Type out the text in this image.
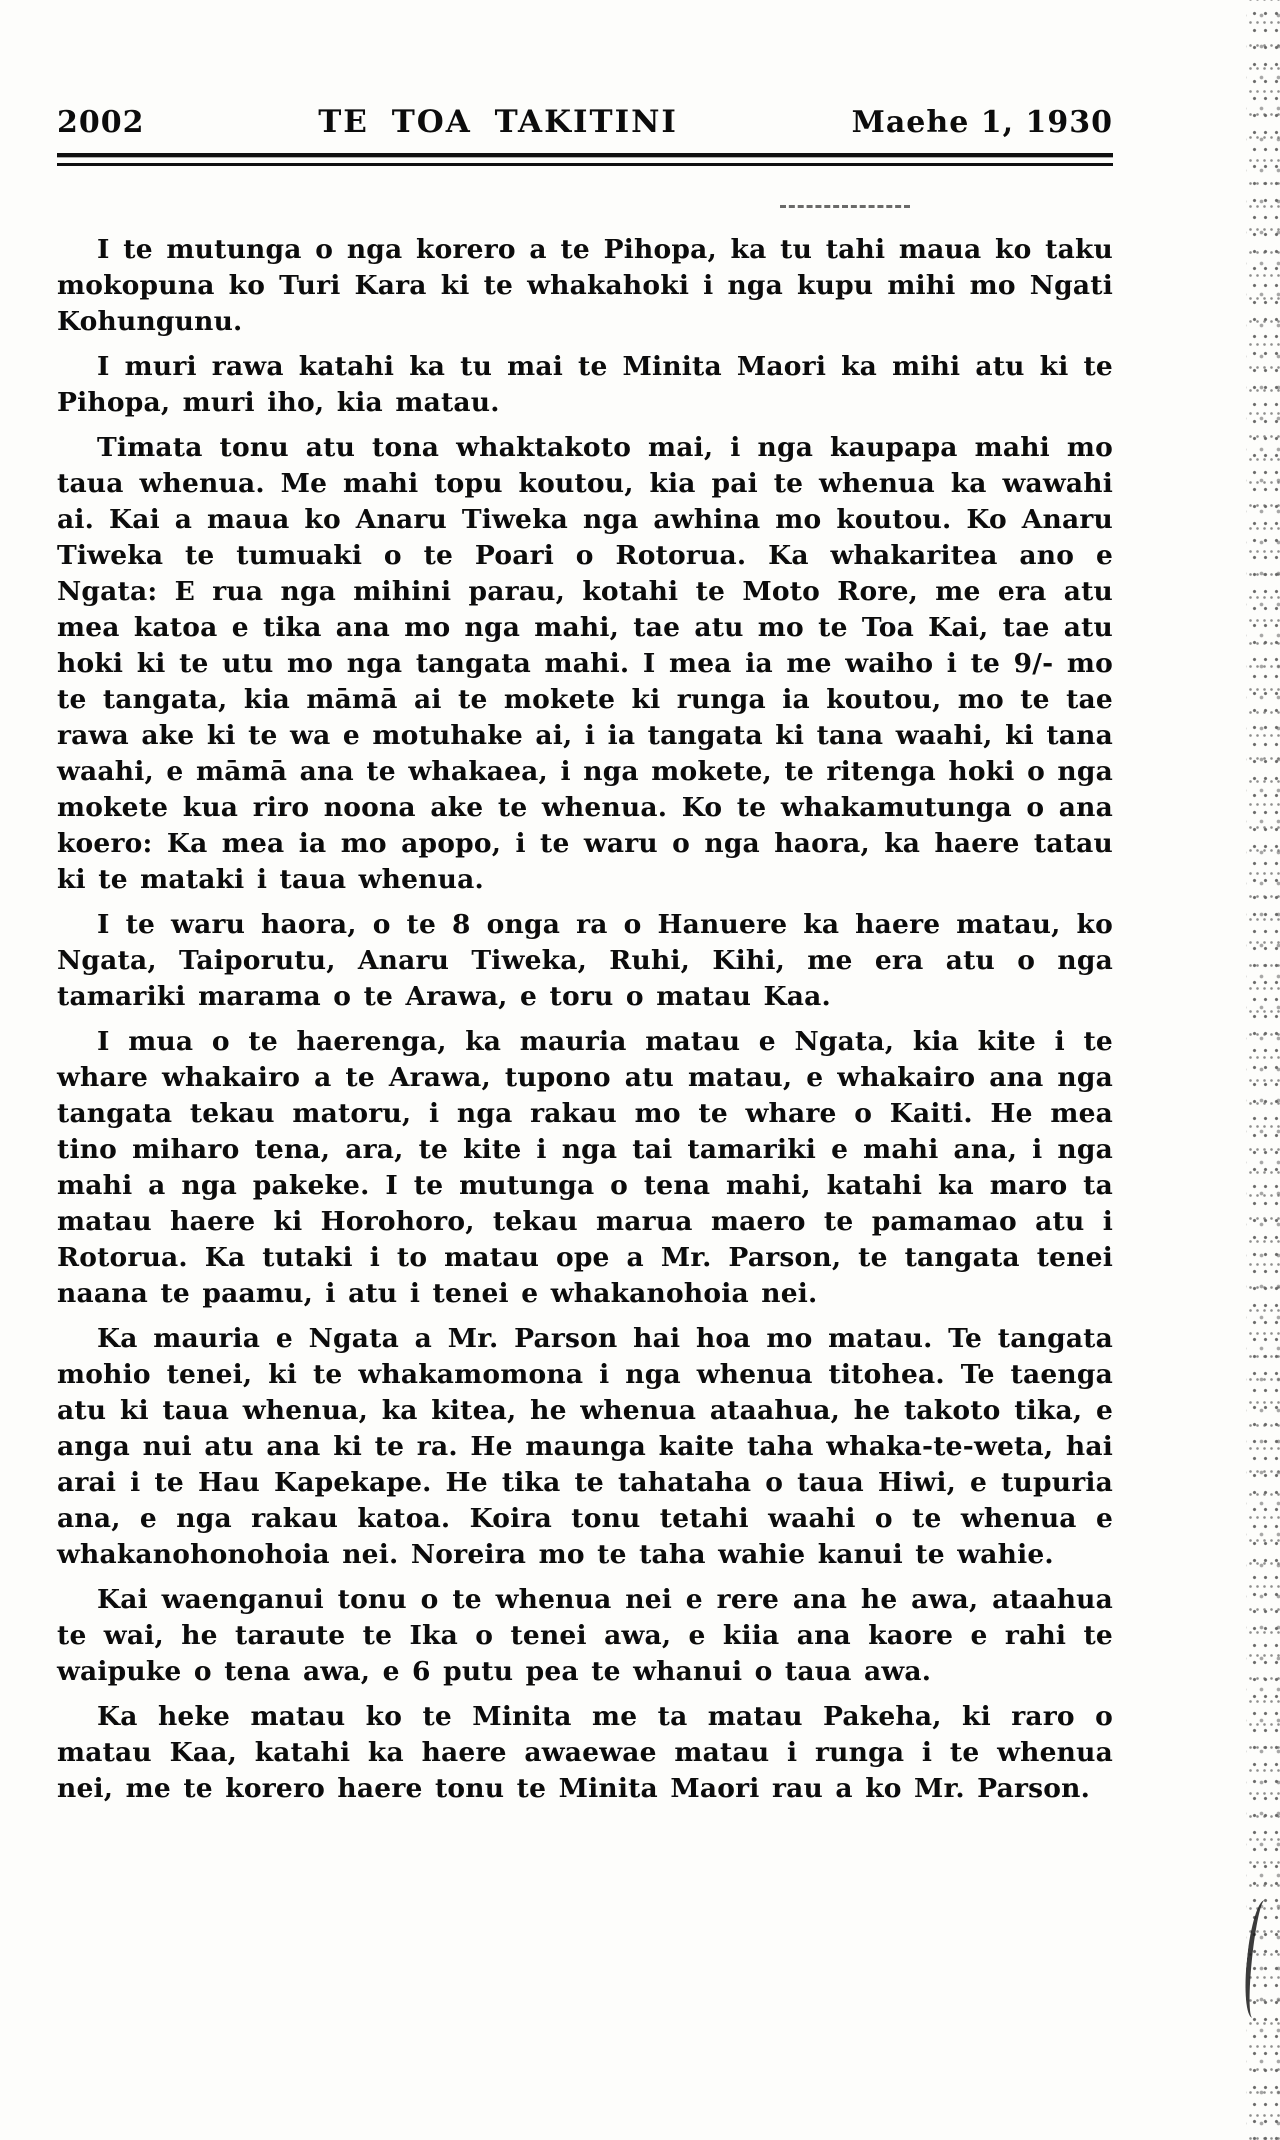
2002	TE TOA TAKITINI	Maehe 1, 1930

I te mutunga o nga korero a te Pihopa, ka tu tahi maua ko taku mokopuna ko Turi Kara ki te whakahoki i nga kupu mihi mo Ngati Kohungunu.

I muri rawa katahi ka tu mai te Minita Maori ka mihi atu ki te Pihopa, muri iho, kia matau.

Timata tonu atu tona whaktakoto mai, i nga kaupapa mahi mo taua whenua. Me mahi topu koutou, kia pai te whenua ka wawahi ai. Kai a maua ko Anaru Tiweka nga awhina mo koutou. Ko Anaru Tiweka te tumuaki o te Poari o Rotorua. Ka whakaritea ano e Ngata: E rua nga mihini parau, kotahi te Moto Rore, me era atu mea katoa e tika ana mo nga mahi, tae atu mo te Toa Kai, tae atu hoki ki te utu mo nga tangata mahi. I mea ia me waiho i te 9/- mo te tangata, kia māmā ai te mokete ki runga ia koutou, mo te tae rawa ake ki te wa e motuhake ai, i ia tangata ki tana waahi, ki tana waahi, e māmā ana te whakaea, i nga mokete, te ritenga hoki o nga mokete kua riro noona ake te whenua. Ko te whakamutunga o ana koero: Ka mea ia mo apopo, i te waru o nga haora, ka haere tatau ki te mataki i taua whenua.

I te waru haora, o te 8 onga ra o Hanuere ka haere matau, ko Ngata, Taiporutu, Anaru Tiweka, Ruhi, Kihi, me era atu o nga tamariki marama o te Arawa, e toru o matau Kaa.

I mua o te haerenga, ka mauria matau e Ngata, kia kite i te whare whakairo a te Arawa, tupono atu matau, e whakairo ana nga tangata tekau matoru, i nga rakau mo te whare o Kaiti. He mea tino miharo tena, ara, te kite i nga tai tamariki e mahi ana, i nga mahi a nga pakeke. I te mutunga o tena mahi, katahi ka maro ta matau haere ki Horohoro, tekau marua maero te pamamao atu i Rotorua. Ka tutaki i to matau ope a Mr. Parson, te tangata tenei naana te paamu, i atu i tenei e whakanohoia nei.

Ka mauria e Ngata a Mr. Parson hai hoa mo matau. Te tangata mohio tenei, ki te whakamomona i nga whenua titohea. Te taenga atu ki taua whenua, ka kitea, he whenua ataahua, he takoto tika, e anga nui atu ana ki te ra. He maunga kaite taha whaka-te-weta, hai arai i te Hau Kapekape. He tika te tahataha o taua Hiwi, e tupuria ana, e nga rakau katoa. Koira tonu tetahi waahi o te whenua e whakanohonohoia nei. Noreira mo te taha wahie kanui te wahie.

Kai waenganui tonu o te whenua nei e rere ana he awa, ataahua te wai, he taraute te Ika o tenei awa, e kiia ana kaore e rahi te waipuke o tena awa, e 6 putu pea te whanui o taua awa.

Ka heke matau ko te Minita me ta matau Pakeha, ki raro o matau Kaa, katahi ka haere awaewae matau i runga i te whenua nei, me te korero haere tonu te Minita Maori rau a ko Mr. Parson.
